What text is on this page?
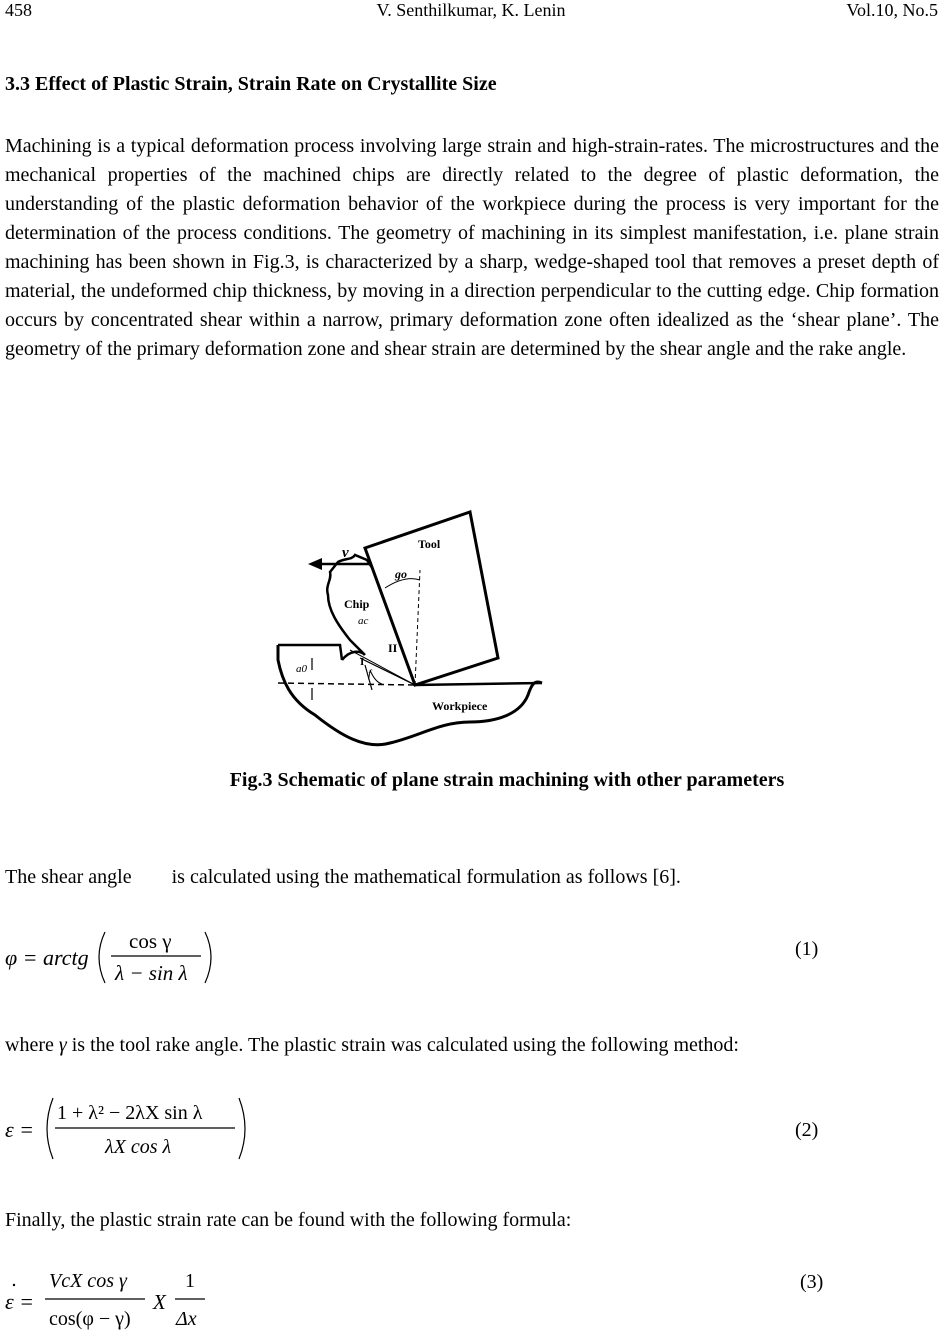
458	V. Senthilkumar, K. Lenin	Vol.10, No.5
3.3 Effect of Plastic Strain, Strain Rate on Crystallite Size

Machining is a typical deformation process involving large strain and high-strain-rates. The microstructures and the mechanical properties of the machined chips are directly related to the degree of plastic deformation, the understanding of the plastic deformation behavior of the workpiece during the process is very important for the determination of the process conditions. The geometry of machining in its simplest manifestation, i.e. plane strain machining has been shown in Fig.3, is characterized by a sharp, wedge-shaped tool that removes a preset depth of material, the undeformed chip thickness, by moving in a direction perpendicular to the cutting edge. Chip formation occurs by concentrated shear within a narrow, primary deformation zone often idealized as the ‘shear plane’. The geometry of the primary deformation zone and shear strain are determined by the shear angle and the rake angle.

v
Tool
go
Chip
ac
II
I
f
a0
Workpiece
Fig.3 Schematic of plane strain machining with other parameters
The shear angle        is calculated using the mathematical formulation as follows [6].
φ = arctg
cos γ
λ − sin λ
(1)
where γ is the tool rake angle. The plastic strain was calculated using the following method:
ε =
1 + λ² − 2λX sin λ
λX cos λ
(2)
Finally, the plastic strain rate can be found with the following formula:
ε =
VcX cos γ
cos(φ − γ)
X
1
Δx
(3)
